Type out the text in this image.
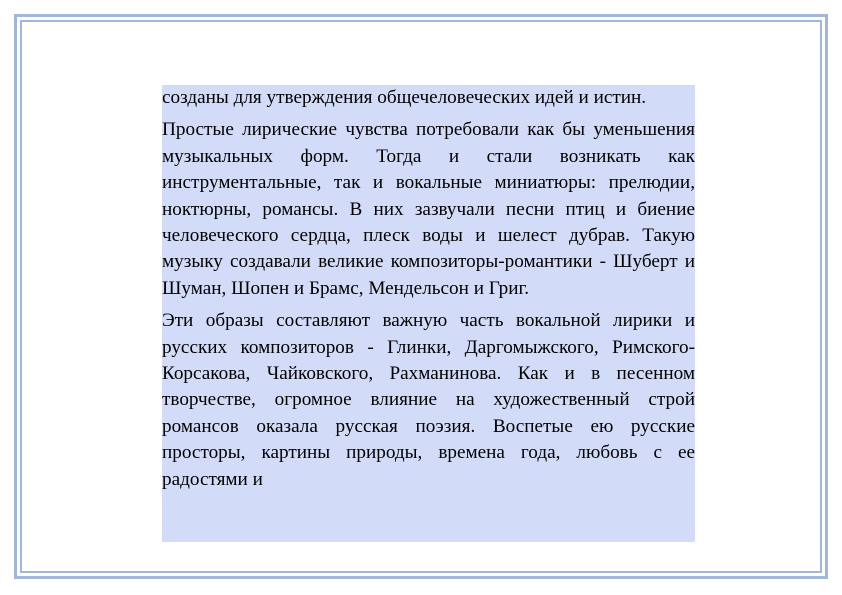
созданы для утверждения общечеловеческих идей и истин.

Простые лирические чувства потребовали как бы уменьшения музыкальных форм. Тогда и стали возникать как инструментальные, так и вокальные миниатюры: прелюдии, ноктюрны, романсы. В них зазвучали песни птиц и биение человеческого сердца, плеск воды и шелест дубрав. Такую музыку создавали великие композиторы-романтики - Шуберт и Шуман, Шопен и Брамс, Мендельсон и Григ.

Эти образы составляют важную часть вокальной лирики и русских композиторов - Глинки, Даргомыжского, Римского-Корсакова, Чайковского, Рахманинова. Как и в песенном творчестве, огромное влияние на художественный строй романсов оказала русская поэзия. Воспетые ею русские просторы, картины природы, времена года, любовь с ее радостями и
